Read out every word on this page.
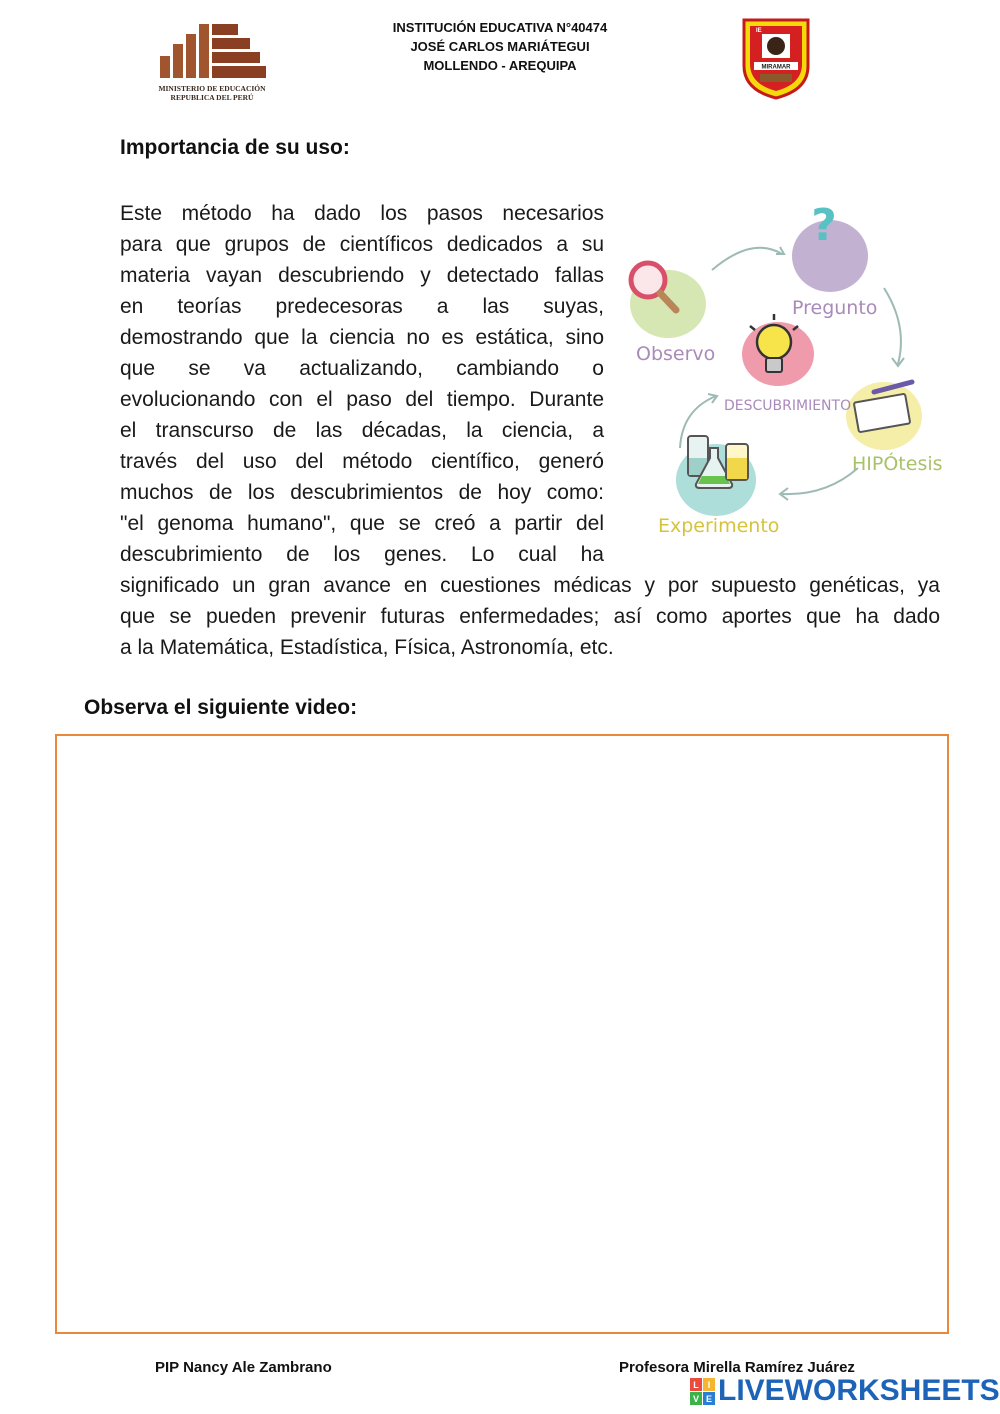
MINISTERIO DE EDUCACIÓN
REPUBLICA DEL PERÚ
INSTITUCIÓN EDUCATIVA N°40474
JOSÉ CARLOS MARIÁTEGUI
MOLLENDO - AREQUIPA
IE
MIRAMAR
Importancia de su uso:
Este método ha dado los pasos necesarios
para que grupos de científicos dedicados a su
materia vayan descubriendo y detectado fallas
en teorías predecesoras a las suyas,
demostrando que la ciencia no es estática, sino
que se va actualizando, cambiando o
evolucionando con el paso del tiempo. Durante
el transcurso de las décadas, la ciencia, a
través del uso del método científico, generó
muchos de los descubrimientos de hoy como:
"el genoma humano", que se creó a partir del
descubrimiento de los genes. Lo cual ha
significado un gran avance en cuestiones médicas y por supuesto genéticas, ya
que se pueden prevenir futuras enfermedades; así como aportes que ha dado
a la Matemática, Estadística, Física, Astronomía, etc.
?
Observo
Pregunto
DESCUBRIMIENTO
HIPÓtesis
Experimento
Observa el siguiente video:
PIP Nancy Ale Zambrano	Profesora Mirella Ramírez Juárez
L I
V E LIVEWORKSHEETS
